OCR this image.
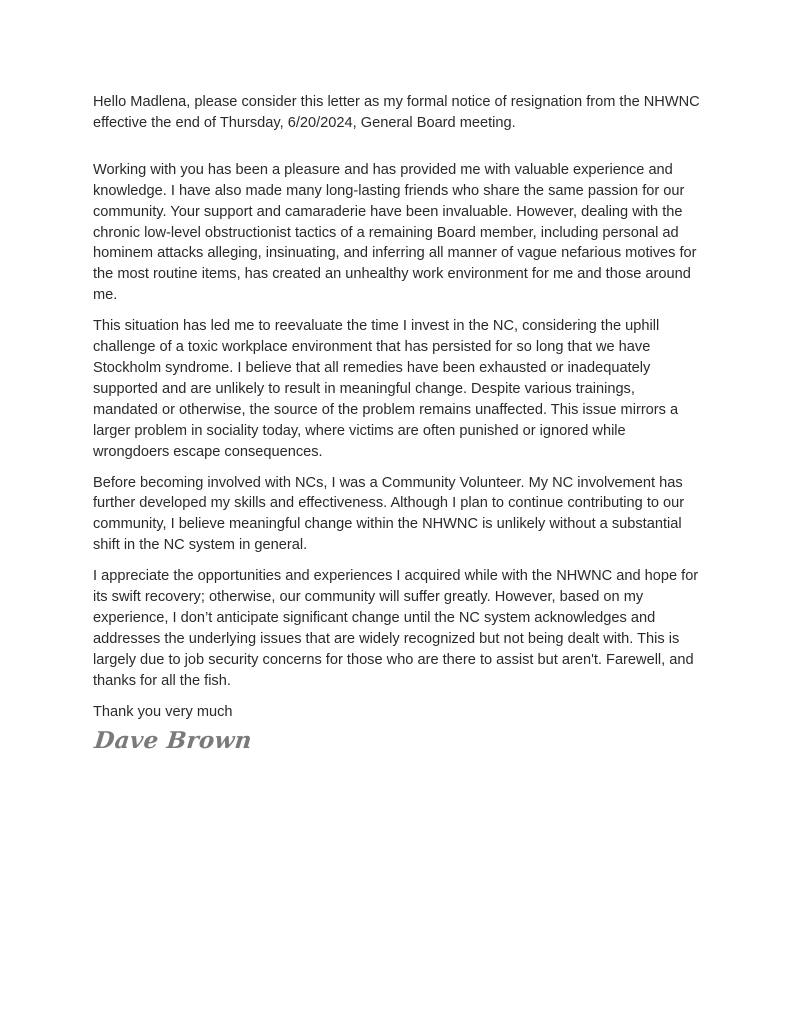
Hello Madlena, please consider this letter as my formal notice of resignation from the NHWNC effective the end of Thursday, 6/20/2024, General Board meeting.

Working with you has been a pleasure and has provided me with valuable experience and knowledge. I have also made many long-lasting friends who share the same passion for our community. Your support and camaraderie have been invaluable. However, dealing with the chronic low-level obstructionist tactics of a remaining Board member, including personal ad hominem attacks alleging, insinuating, and inferring all manner of vague nefarious motives for the most routine items, has created an unhealthy work environment for me and those around me.

This situation has led me to reevaluate the time I invest in the NC, considering the uphill challenge of a toxic workplace environment that has persisted for so long that we have Stockholm syndrome. I believe that all remedies have been exhausted or inadequately supported and are unlikely to result in meaningful change. Despite various trainings, mandated or otherwise, the source of the problem remains unaffected. This issue mirrors a larger problem in sociality today, where victims are often punished or ignored while wrongdoers escape consequences.

Before becoming involved with NCs, I was a Community Volunteer. My NC involvement has further developed my skills and effectiveness. Although I plan to continue contributing to our community, I believe meaningful change within the NHWNC is unlikely without a substantial shift in the NC system in general.

I appreciate the opportunities and experiences I acquired while with the NHWNC and hope for its swift recovery; otherwise, our community will suffer greatly. However, based on my experience, I don’t anticipate significant change until the NC system acknowledges and addresses the underlying issues that are widely recognized but not being dealt with. This is largely due to job security concerns for those who are there to assist but aren't. Farewell, and thanks for all the fish.

Thank you very much

Dave Brown
